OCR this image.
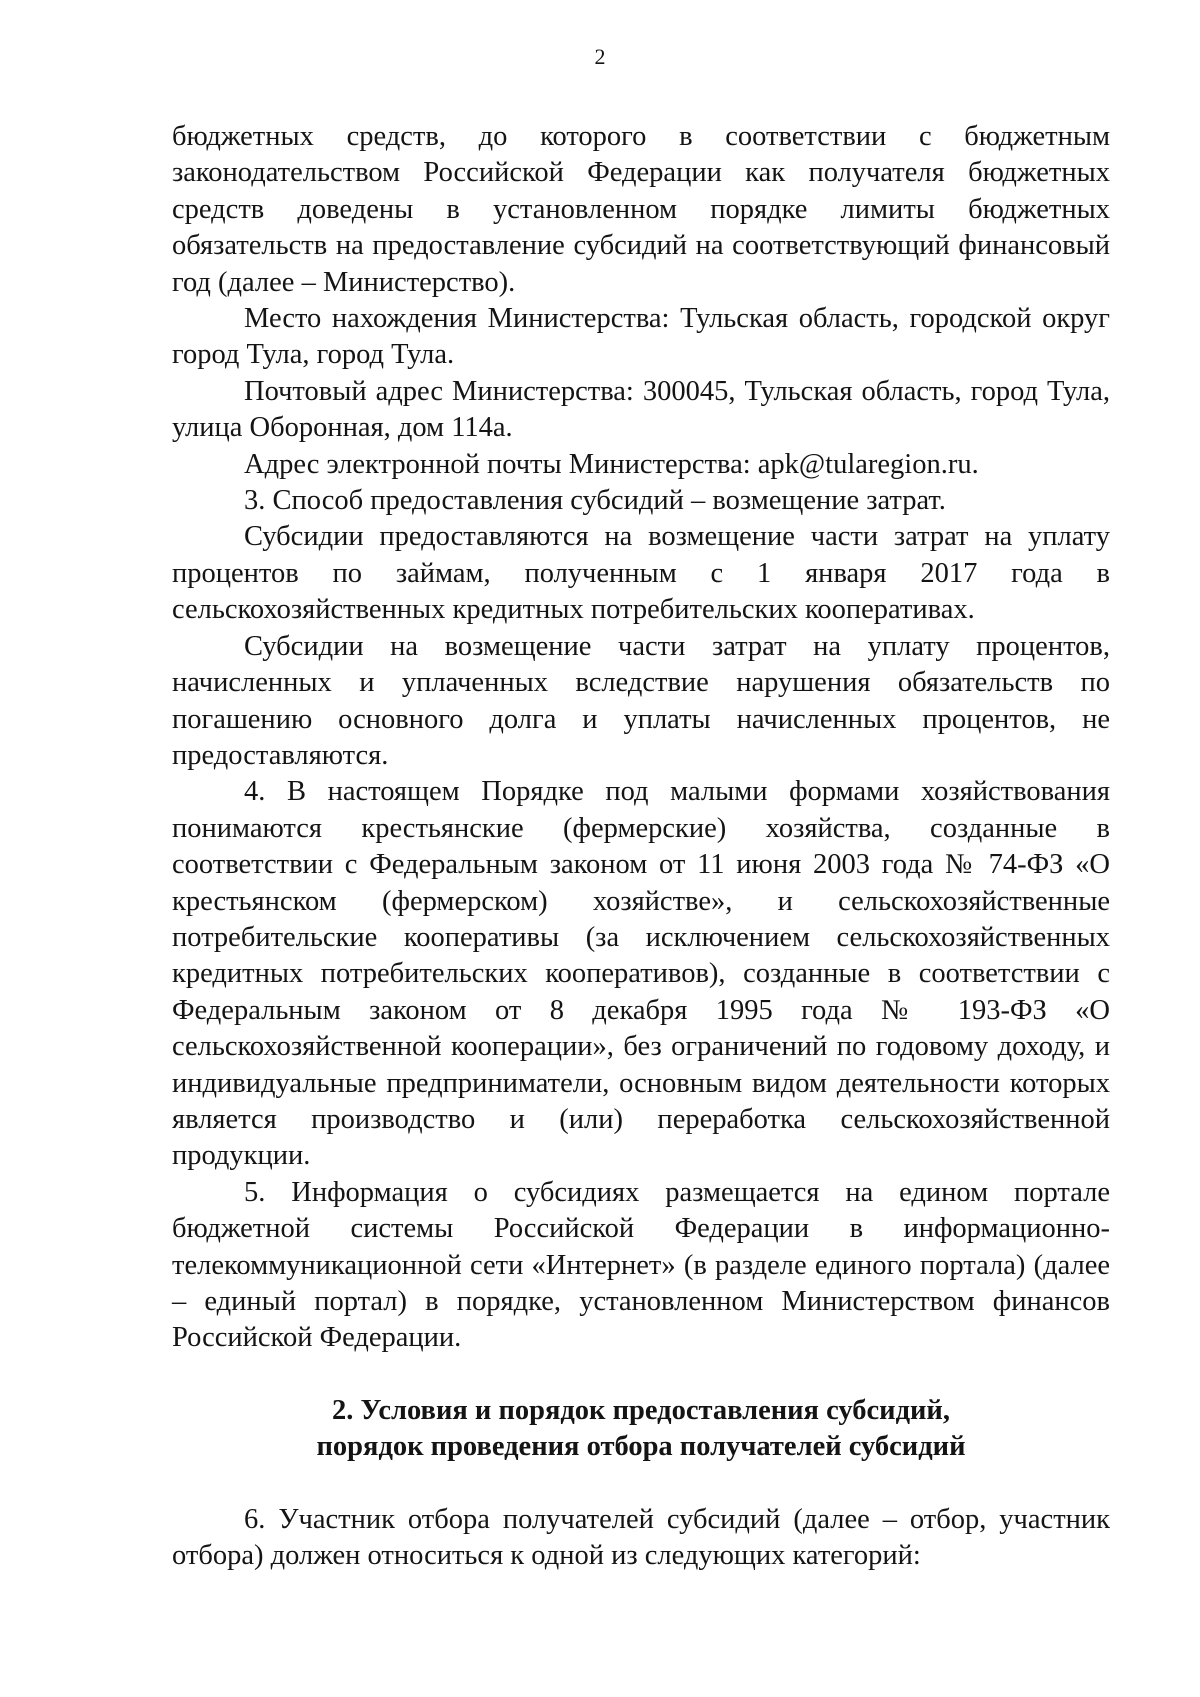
2

бюджетных средств, до которого в соответствии с бюджетным законодательством Российской Федерации как получателя бюджетных средств доведены в установленном порядке лимиты бюджетных обязательств на предоставление субсидий на соответствующий финансовый год (далее – Министерство).

Место нахождения Министерства: Тульская область, городской округ город Тула, город Тула.

Почтовый адрес Министерства: 300045, Тульская область, город Тула, улица Оборонная, дом 114а.

Адрес электронной почты Министерства: apk@tularegion.ru.

3. Способ предоставления субсидий – возмещение затрат.

Субсидии предоставляются на возмещение части затрат на уплату процентов по займам, полученным с 1 января 2017 года в сельскохозяйственных кредитных потребительских кооперативах.

Субсидии на возмещение части затрат на уплату процентов, начисленных и уплаченных вследствие нарушения обязательств по погашению основного долга и уплаты начисленных процентов, не предоставляются.

4. В настоящем Порядке под малыми формами хозяйствования понимаются крестьянские (фермерские) хозяйства, созданные в соответствии с Федеральным законом от 11 июня 2003 года № 74-ФЗ «О крестьянском (фермерском) хозяйстве», и сельскохозяйственные потребительские кооперативы (за исключением сельскохозяйственных кредитных потребительских кооперативов), созданные в соответствии с Федеральным законом от 8 декабря 1995 года № 193-ФЗ «О сельскохозяйственной кооперации», без ограничений по годовому доходу, и индивидуальные предприниматели, основным видом деятельности которых является производство и (или) переработка сельскохозяйственной продукции.

5. Информация о субсидиях размещается на едином портале бюджетной системы Российской Федерации в информационно-телекоммуникационной сети «Интернет» (в разделе единого портала) (далее – единый портал) в порядке, установленном Министерством финансов Российской Федерации.

2. Условия и порядок предоставления субсидий,
порядок проведения отбора получателей субсидий

6. Участник отбора получателей субсидий (далее – отбор, участник отбора) должен относиться к одной из следующих категорий:
